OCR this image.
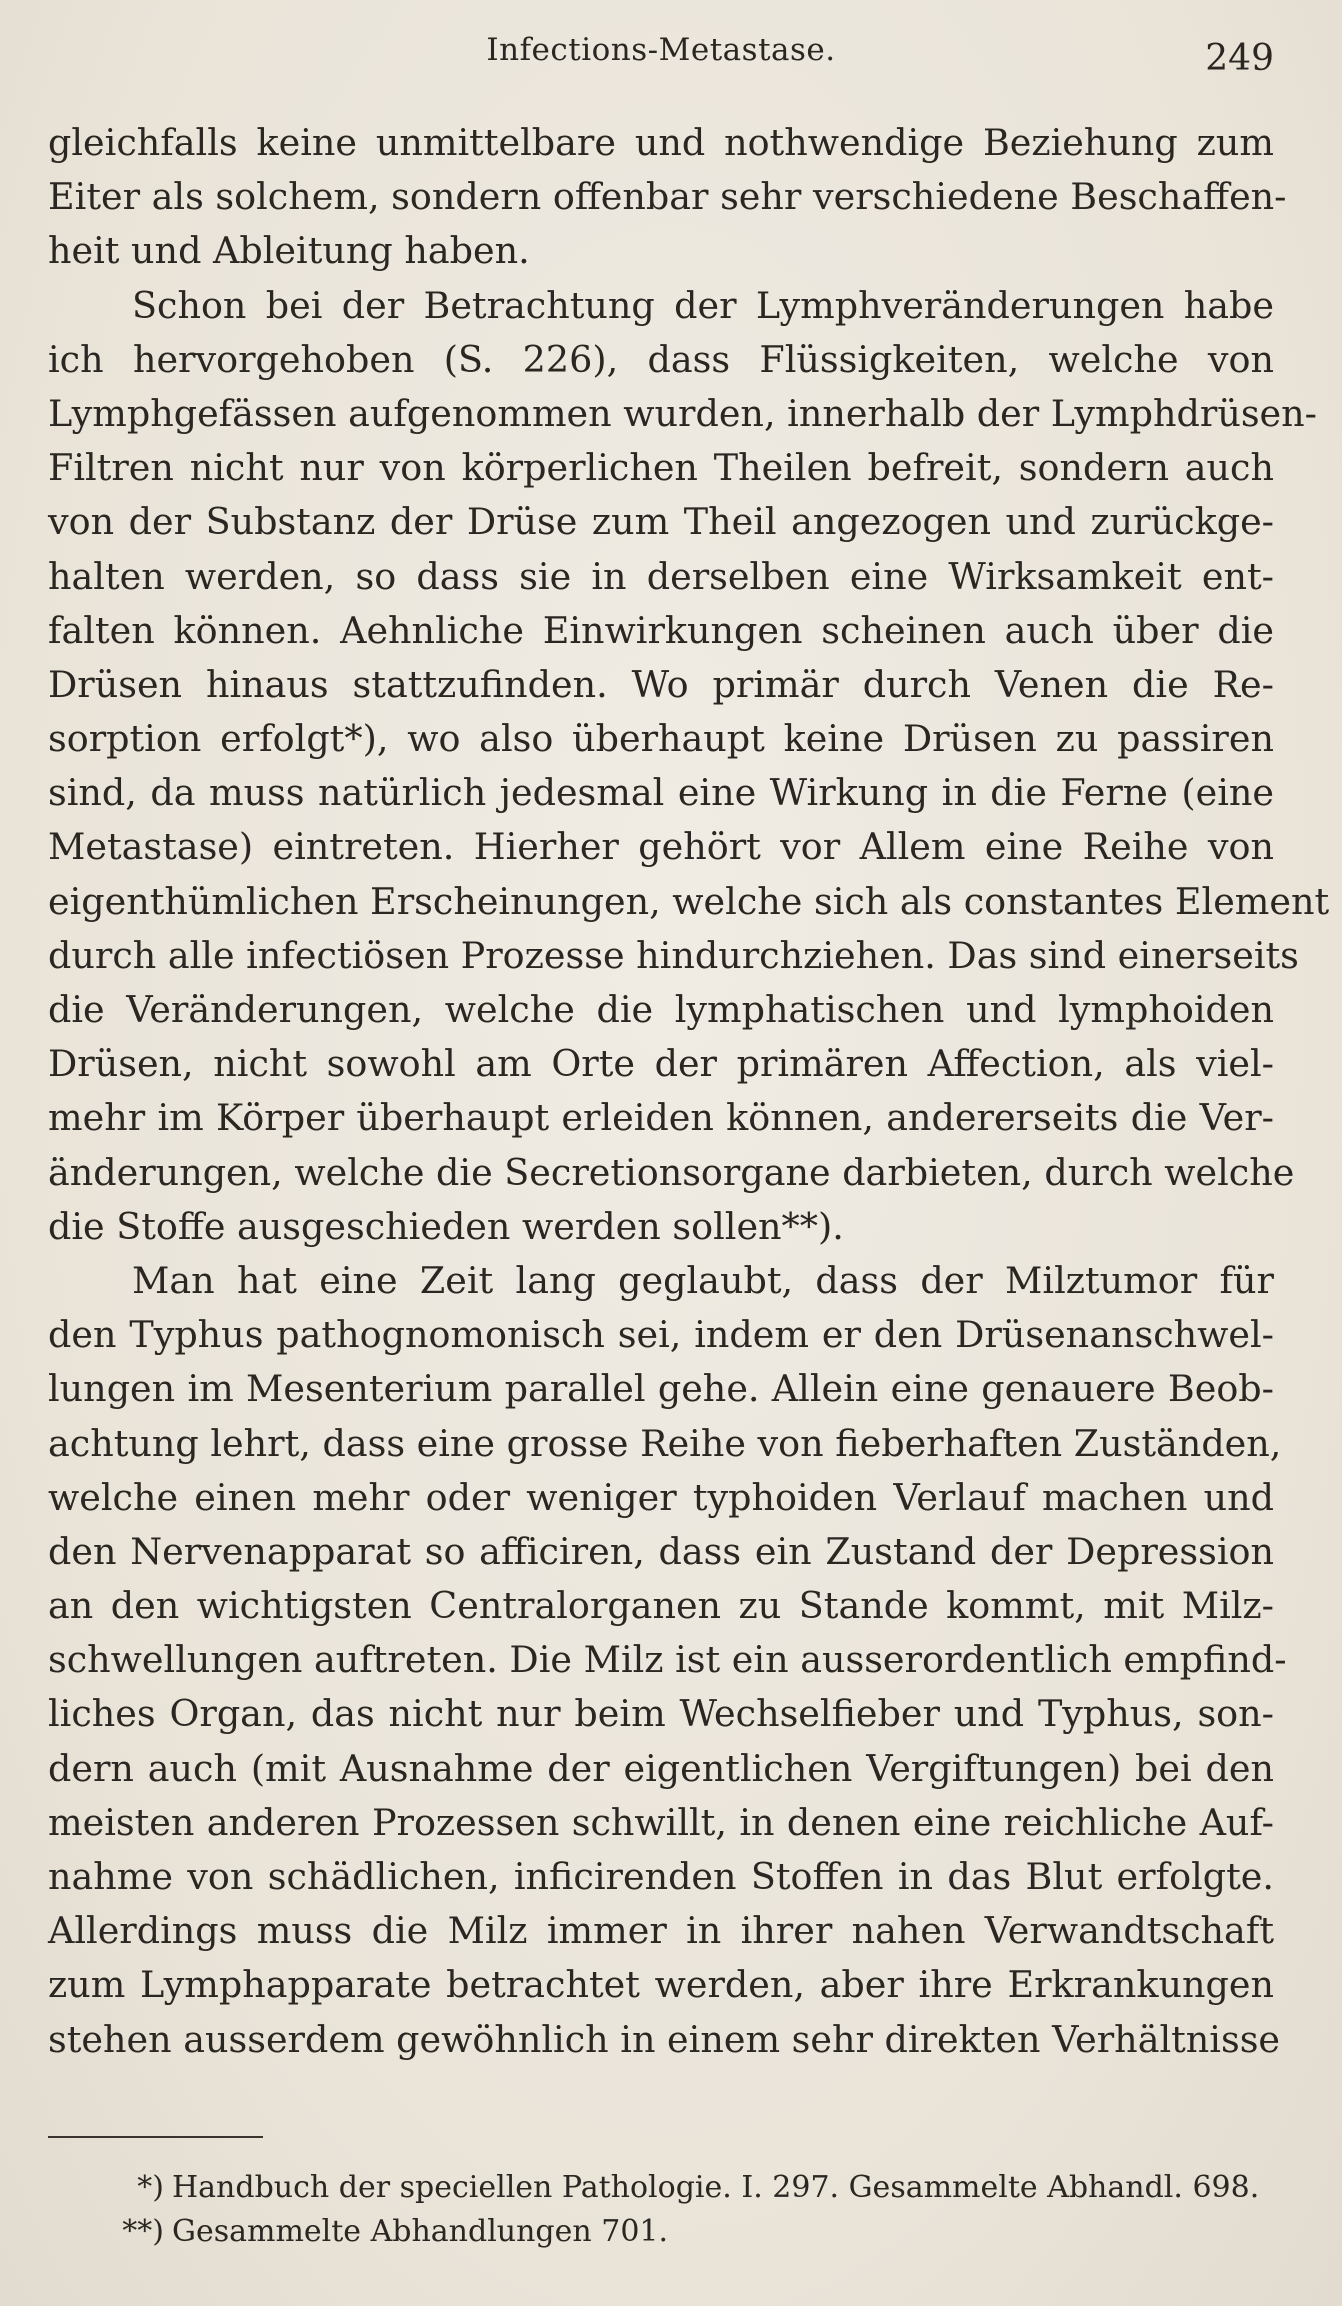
Infections-Metastase.	249
gleichfalls keine unmittelbare und nothwendige Beziehung zum
Eiter als solchem, sondern offenbar sehr verschiedene Beschaffen-
heit und Ableitung haben.
Schon bei der Betrachtung der Lymphveränderungen habe
ich hervorgehoben (S. 226), dass Flüssigkeiten, welche von
Lymphgefässen aufgenommen wurden, innerhalb der Lymphdrüsen-
Filtren nicht nur von körperlichen Theilen befreit, sondern auch
von der Substanz der Drüse zum Theil angezogen und zurückge-
halten werden, so dass sie in derselben eine Wirksamkeit ent-
falten können. Aehnliche Einwirkungen scheinen auch über die
Drüsen hinaus stattzufinden. Wo primär durch Venen die Re-
sorption erfolgt*), wo also überhaupt keine Drüsen zu passiren
sind, da muss natürlich jedesmal eine Wirkung in die Ferne (eine
Metastase) eintreten. Hierher gehört vor Allem eine Reihe von
eigenthümlichen Erscheinungen, welche sich als constantes Element
durch alle infectiösen Prozesse hindurchziehen. Das sind einerseits
die Veränderungen, welche die lymphatischen und lymphoiden
Drüsen, nicht sowohl am Orte der primären Affection, als viel-
mehr im Körper überhaupt erleiden können, andererseits die Ver-
änderungen, welche die Secretionsorgane darbieten, durch welche
die Stoffe ausgeschieden werden sollen**).
Man hat eine Zeit lang geglaubt, dass der Milztumor für
den Typhus pathognomonisch sei, indem er den Drüsenanschwel-
lungen im Mesenterium parallel gehe. Allein eine genauere Beob-
achtung lehrt, dass eine grosse Reihe von fieberhaften Zuständen,
welche einen mehr oder weniger typhoiden Verlauf machen und
den Nervenapparat so afficiren, dass ein Zustand der Depression
an den wichtigsten Centralorganen zu Stande kommt, mit Milz-
schwellungen auftreten. Die Milz ist ein ausserordentlich empfind-
liches Organ, das nicht nur beim Wechselfieber und Typhus, son-
dern auch (mit Ausnahme der eigentlichen Vergiftungen) bei den
meisten anderen Prozessen schwillt, in denen eine reichliche Auf-
nahme von schädlichen, inficirenden Stoffen in das Blut erfolgte.
Allerdings muss die Milz immer in ihrer nahen Verwandtschaft
zum Lymphapparate betrachtet werden, aber ihre Erkrankungen
stehen ausserdem gewöhnlich in einem sehr direkten Verhältnisse
*) Handbuch der speciellen Pathologie. I. 297. Gesammelte Abhandl. 698.
**) Gesammelte Abhandlungen 701.
